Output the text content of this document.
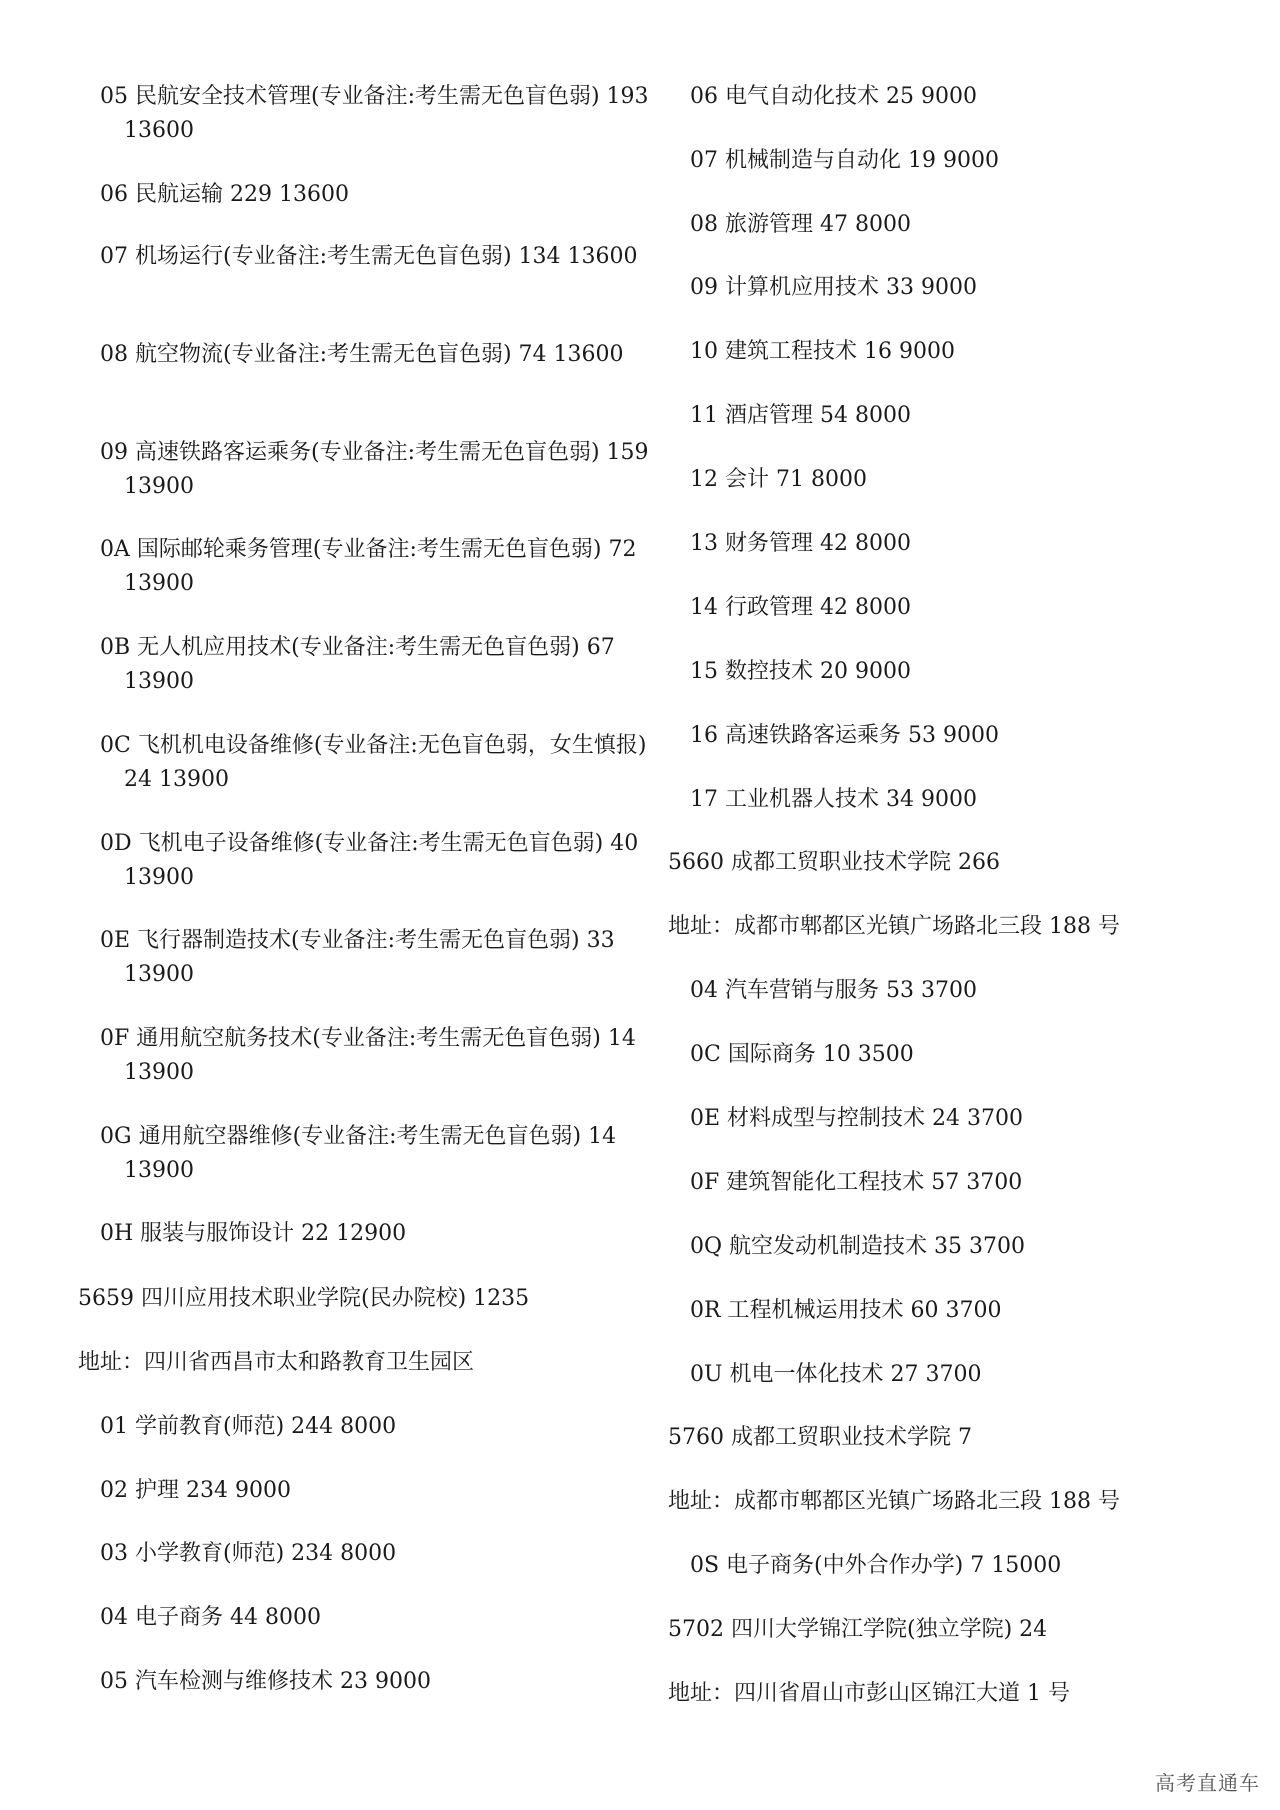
05 民航安全技术管理(专业备注:考生需无色盲色弱) 193 13600
06 民航运输 229 13600
07 机场运行(专业备注:考生需无色盲色弱) 134 13600
08 航空物流(专业备注:考生需无色盲色弱) 74 13600
09 高速铁路客运乘务(专业备注:考生需无色盲色弱) 159 13900
0A 国际邮轮乘务管理(专业备注:考生需无色盲色弱) 72 13900
0B 无人机应用技术(专业备注:考生需无色盲色弱) 67 13900
0C 飞机机电设备维修(专业备注:无色盲色弱，女生慎报) 24 13900
0D 飞机电子设备维修(专业备注:考生需无色盲色弱) 40 13900
0E 飞行器制造技术(专业备注:考生需无色盲色弱) 33 13900
0F 通用航空航务技术(专业备注:考生需无色盲色弱) 14 13900
0G 通用航空器维修(专业备注:考生需无色盲色弱) 14 13900
0H 服装与服饰设计 22 12900
5659 四川应用技术职业学院(民办院校) 1235
地址：四川省西昌市太和路教育卫生园区
01 学前教育(师范) 244 8000
02 护理 234 9000
03 小学教育(师范) 234 8000
04 电子商务 44 8000
05 汽车检测与维修技术 23 9000
06 电气自动化技术 25 9000
07 机械制造与自动化 19 9000
08 旅游管理 47 8000
09 计算机应用技术 33 9000
10 建筑工程技术 16 9000
11 酒店管理 54 8000
12 会计 71 8000
13 财务管理 42 8000
14 行政管理 42 8000
15 数控技术 20 9000
16 高速铁路客运乘务 53 9000
17 工业机器人技术 34 9000
5660 成都工贸职业技术学院 266
地址：成都市郫都区光镇广场路北三段 188 号
04 汽车营销与服务 53 3700
0C 国际商务 10 3500
0E 材料成型与控制技术 24 3700
0F 建筑智能化工程技术 57 3700
0Q 航空发动机制造技术 35 3700
0R 工程机械运用技术 60 3700
0U 机电一体化技术 27 3700
5760 成都工贸职业技术学院 7
地址：成都市郫都区光镇广场路北三段 188 号
0S 电子商务(中外合作办学) 7 15000
5702 四川大学锦江学院(独立学院) 24
地址：四川省眉山市彭山区锦江大道 1 号
高考直通车
